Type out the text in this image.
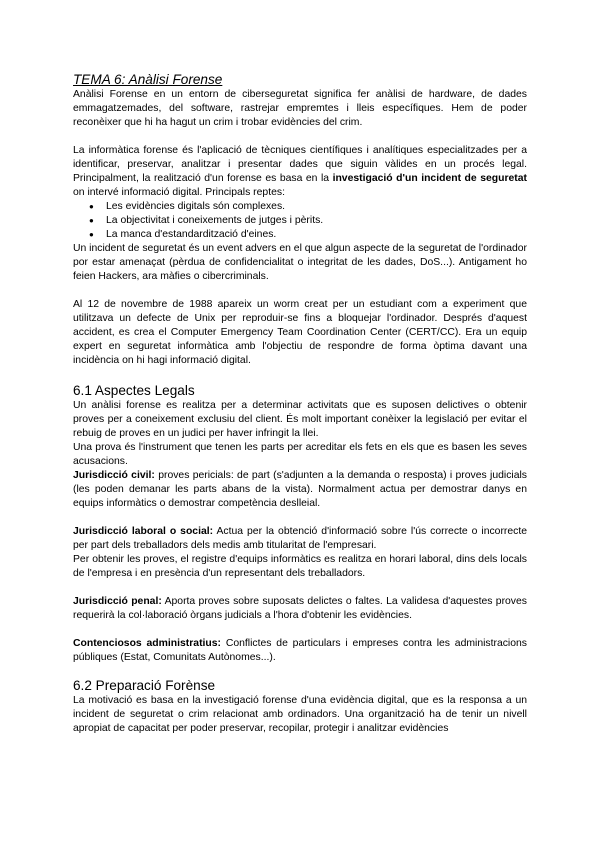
TEMA 6: Anàlisi Forense

Anàlisi Forense en un entorn de ciberseguretat significa fer anàlisi de hardware, de dades emmagatzemades, del software, rastrejar empremtes i lleis específiques. Hem de poder reconèixer que hi ha hagut un crim i trobar evidències del crim.

La informàtica forense és l'aplicació de tècniques científiques i analítiques especialitzades per a identificar, preservar, analitzar i presentar dades que siguin vàlides en un procés legal. Principalment, la realització d'un forense es basa en la investigació d'un incident de seguretat on intervé informació digital. Principals reptes:

● Les evidències digitals són complexes.
● La objectivitat i coneixements de jutges i pèrits.
● La manca d'estandardització d'eines.

Un incident de seguretat és un event advers en el que algun aspecte de la seguretat de l'ordinador por estar amenaçat (pèrdua de confidencialitat o integritat de les dades, DoS...). Antigament ho feien Hackers, ara màfies o cibercriminals.

Al 12 de novembre de 1988 apareix un worm creat per un estudiant com a experiment que utilitzava un defecte de Unix per reproduir-se fins a bloquejar l'ordinador. Després d'aquest accident, es crea el Computer Emergency Team Coordination Center (CERT/CC). Era un equip expert en seguretat informàtica amb l'objectiu de respondre de forma òptima davant una incidència on hi hagi informació digital.

6.1 Aspectes Legals

Un anàlisi forense es realitza per a determinar activitats que es suposen delictives o obtenir proves per a coneixement exclusiu del client. És molt important conèixer la legislació per evitar el rebuig de proves en un judici per haver infringit la llei.

Una prova és l'instrument que tenen les parts per acreditar els fets en els que es basen les seves acusacions.

Jurisdicció civil: proves pericials: de part (s'adjunten a la demanda o resposta) i proves judicials (les poden demanar les parts abans de la vista). Normalment actua per demostrar danys en equips informàtics o demostrar competència deslleial.

Jurisdicció laboral o social: Actua per la obtenció d'informació sobre l'ús correcte o incorrecte per part dels treballadors dels medis amb titularitat de l'empresari.

Per obtenir les proves, el registre d'equips informàtics es realitza en horari laboral, dins dels locals de l'empresa i en presència d'un representant dels treballadors.

Jurisdicció penal: Aporta proves sobre suposats delictes o faltes. La validesa d'aquestes proves requerirà la col·laboració òrgans judicials a l'hora d'obtenir les evidències.

Contenciosos administratius: Conflictes de particulars i empreses contra les administracions públiques (Estat, Comunitats Autònomes...).

6.2 Preparació Forènse

La motivació es basa en la investigació forense d'una evidència digital, que es la responsa a un incident de seguretat o crim relacionat amb ordinadors. Una organització ha de tenir un nivell apropiat de capacitat per poder preservar, recopilar, protegir i analitzar evidències
